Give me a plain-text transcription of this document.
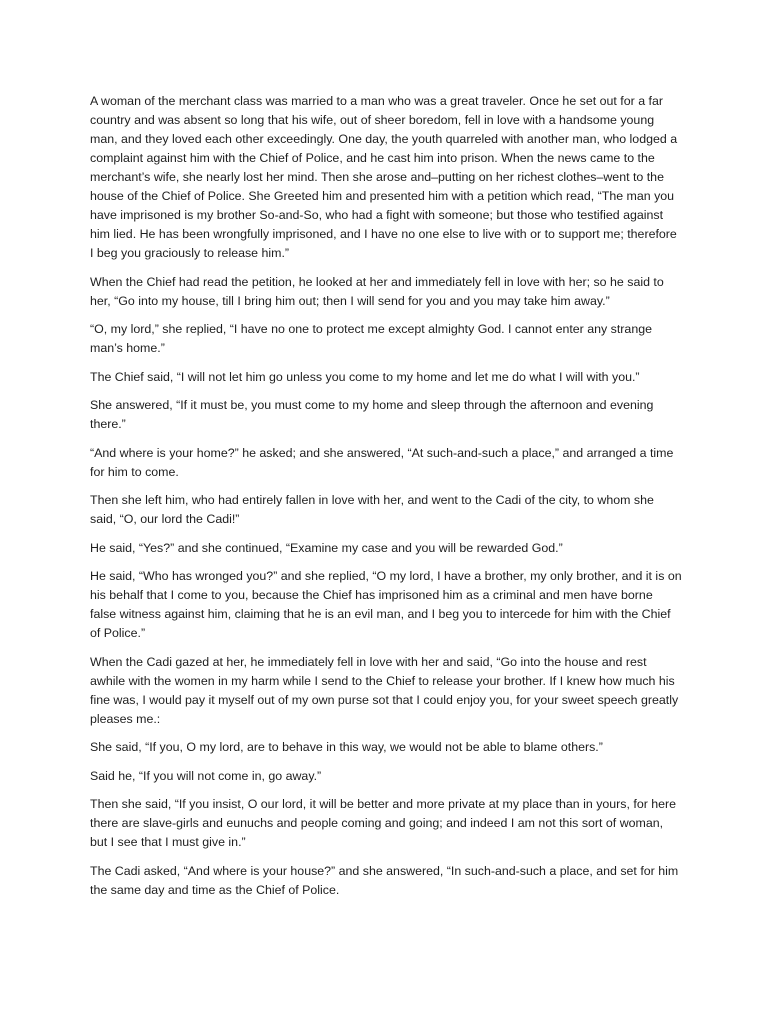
A woman of the merchant class was married to a man who was a great traveler. Once he set out for a far country and was absent so long that his wife, out of sheer boredom, fell in love with a handsome young man, and they loved each other exceedingly. One day, the youth quarreled with another man, who lodged a complaint against him with the Chief of Police, and he cast him into prison. When the news came to the merchant’s wife, she nearly lost her mind. Then she arose and–putting on her richest clothes–went to the house of the Chief of Police. She Greeted him and presented him with a petition which read, “The man you have imprisoned is my brother So-and-So, who had a fight with someone; but those who testified against him lied. He has been wrongfully imprisoned, and I have no one else to live with or to support me; therefore I beg you graciously to release him.”

When the Chief had read the petition, he looked at her and immediately fell in love with her; so he said to her, “Go into my house, till I bring him out; then I will send for you and you may take him away.”

“O, my lord,” she replied, “I have no one to protect me except almighty God. I cannot enter any strange man’s home.”

The Chief said, “I will not let him go unless you come to my home and let me do what I will with you.”

She answered, “If it must be, you must come to my home and sleep through the afternoon and evening there.”

“And where is your home?” he asked; and she answered, “At such-and-such a place,” and arranged a time for him to come.

Then she left him, who had entirely fallen in love with her, and went to the Cadi of the city, to whom she said, “O, our lord the Cadi!”

He said, “Yes?” and she continued, “Examine my case and you will be rewarded God.”

He said, “Who has wronged you?” and she replied, “O my lord, I have a brother, my only brother, and it is on his behalf that I come to you, because the Chief has imprisoned him as a criminal and men have borne false witness against him, claiming that he is an evil man, and I beg you to intercede for him with the Chief of Police.”

When the Cadi gazed at her, he immediately fell in love with her and said, “Go into the house and rest awhile with the women in my harm while I send to the Chief to release your brother. If I knew how much his fine was, I would pay it myself out of my own purse sot that I could enjoy you, for your sweet speech greatly pleases me.:

She said, “If you, O my lord, are to behave in this way, we would not be able to blame others.”

Said he, “If you will not come in, go away.”

Then she said, “If you insist, O our lord, it will be better and more private at my place than in yours, for here there are slave-girls and eunuchs and people coming and going; and indeed I am not this sort of woman, but I see that I must give in.”

The Cadi asked, “And where is your house?” and she answered, “In such-and-such a place, and set for him the same day and time as the Chief of Police.
